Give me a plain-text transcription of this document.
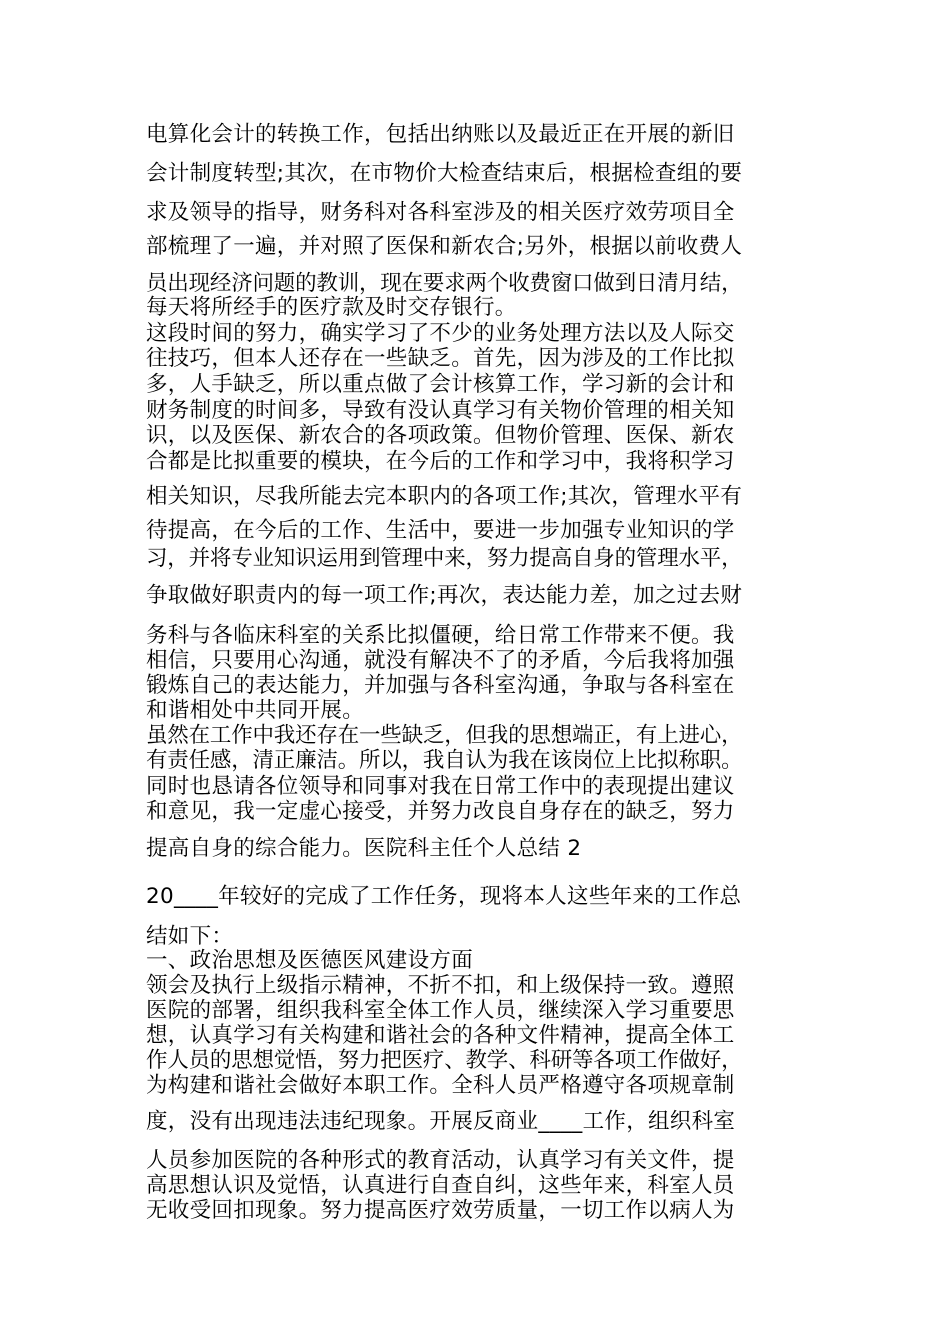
电算化会计的转换工作，包括出纳账以及最近正在开展的新旧

会计制度转型;其次，在市物价大检查结束后，根据检查组的要

求及领导的指导，财务科对各科室涉及的相关医疗效劳项目全

部梳理了一遍，并对照了医保和新农合;另外，根据以前收费人

员出现经济问题的教训，现在要求两个收费窗口做到日清月结，

每天将所经手的医疗款及时交存银行。

这段时间的努力，确实学习了不少的业务处理方法以及人际交

往技巧，但本人还存在一些缺乏。首先，因为涉及的工作比拟

多，人手缺乏，所以重点做了会计核算工作，学习新的会计和

财务制度的时间多，导致有没认真学习有关物价管理的相关知

识，以及医保、新农合的各项政策。但物价管理、医保、新农

合都是比拟重要的模块，在今后的工作和学习中，我将积学习

相关知识，尽我所能去完本职内的各项工作;其次，管理水平有

待提高，在今后的工作、生活中，要进一步加强专业知识的学

习，并将专业知识运用到管理中来，努力提高自身的管理水平，

争取做好职责内的每一项工作;再次，表达能力差，加之过去财

务科与各临床科室的关系比拟僵硬，给日常工作带来不便。我

相信，只要用心沟通，就没有解决不了的矛盾，今后我将加强

锻炼自己的表达能力，并加强与各科室沟通，争取与各科室在

和谐相处中共同开展。

虽然在工作中我还存在一些缺乏，但我的思想端正，有上进心，

有责任感，清正廉洁。所以，我自认为我在该岗位上比拟称职。

同时也恳请各位领导和同事对我在日常工作中的表现提出建议

和意见，我一定虚心接受，并努力改良自身存在的缺乏，努力

提高自身的综合能力。医院科主任个人总结 2

20____年较好的完成了工作任务，现将本人这些年来的工作总

结如下：

一、政治思想及医德医风建设方面

领会及执行上级指示精神，不折不扣，和上级保持一致。遵照

医院的部署，组织我科室全体工作人员，继续深入学习重要思

想，认真学习有关构建和谐社会的各种文件精神，提高全体工

作人员的思想觉悟，努力把医疗、教学、科研等各项工作做好，

为构建和谐社会做好本职工作。全科人员严格遵守各项规章制

度，没有出现违法违纪现象。开展反商业____工作，组织科室

人员参加医院的各种形式的教育活动，认真学习有关文件，提

高思想认识及觉悟，认真进行自查自纠，这些年来，科室人员

无收受回扣现象。努力提高医疗效劳质量，一切工作以病人为
